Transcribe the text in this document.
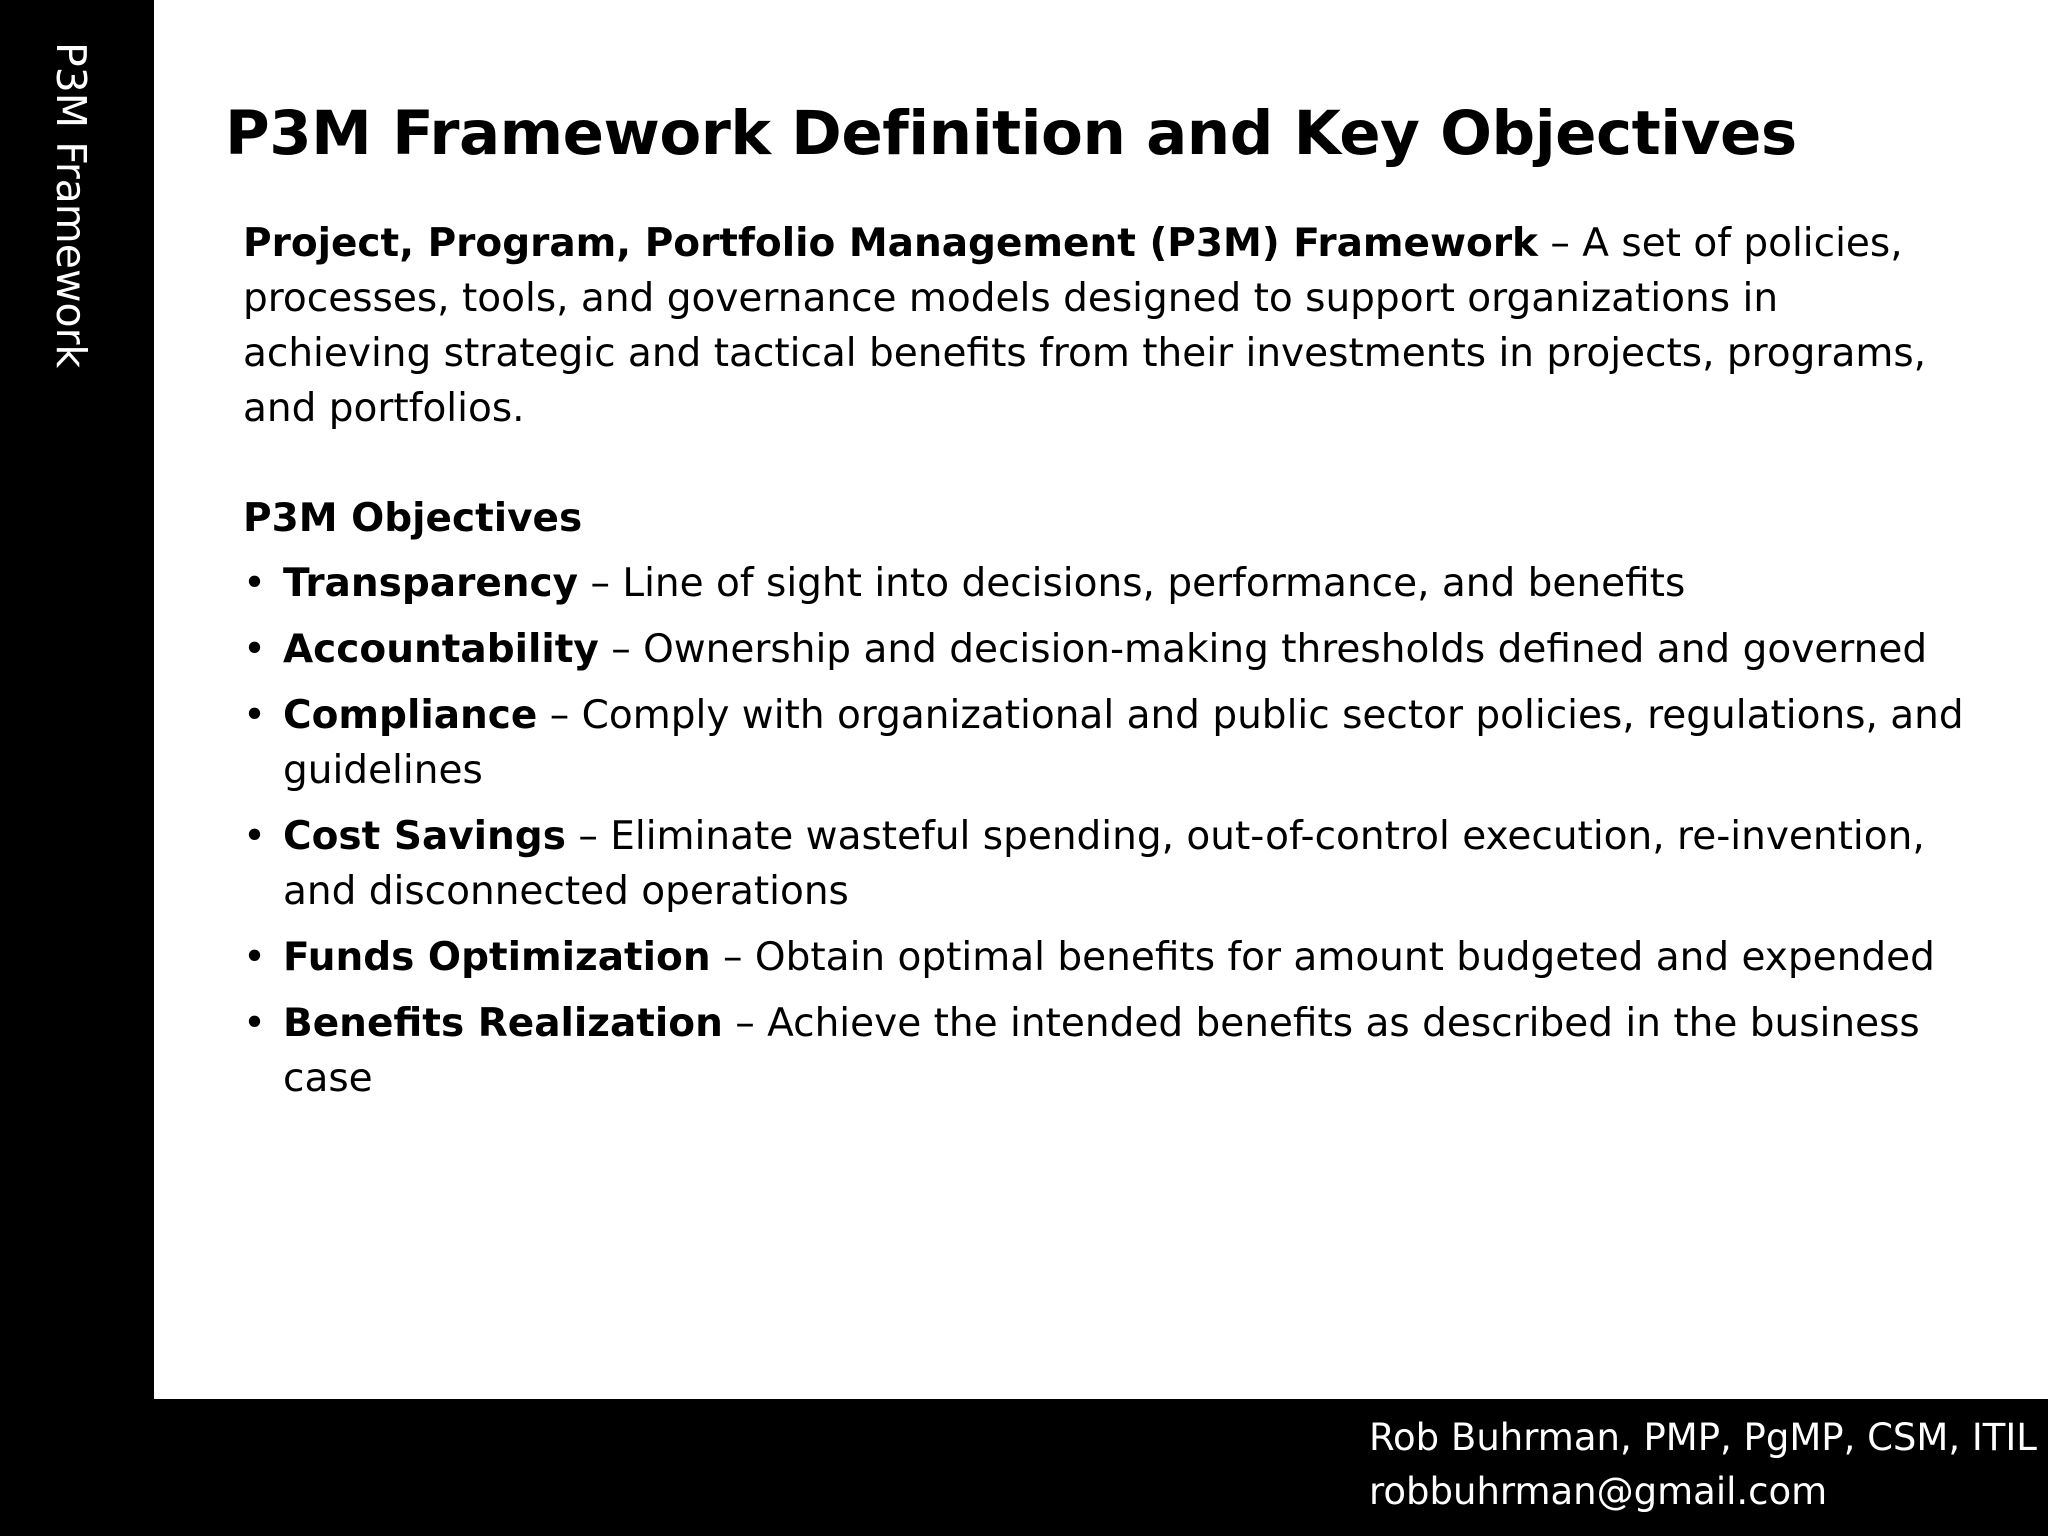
P3M Framework P3M Framework Definition and Key Objectives

Project, Program, Portfolio Management (P3M) Framework – A set of policies, processes, tools, and governance models designed to support organizations in achieving strategic and tactical benefits from their investments in projects, programs, and portfolios.

P3M Objectives
• Transparency – Line of sight into decisions, performance, and benefits
• Accountability – Ownership and decision-making thresholds defined and governed
• Compliance – Comply with organizational and public sector policies, regulations, and guidelines
• Cost Savings – Eliminate wasteful spending, out-of-control execution, re-invention, and disconnected operations
• Funds Optimization – Obtain optimal benefits for amount budgeted and expended
• Benefits Realization – Achieve the intended benefits as described in the business case
Rob Buhrman, PMP, PgMP, CSM, ITIL
robbuhrman@gmail.com
